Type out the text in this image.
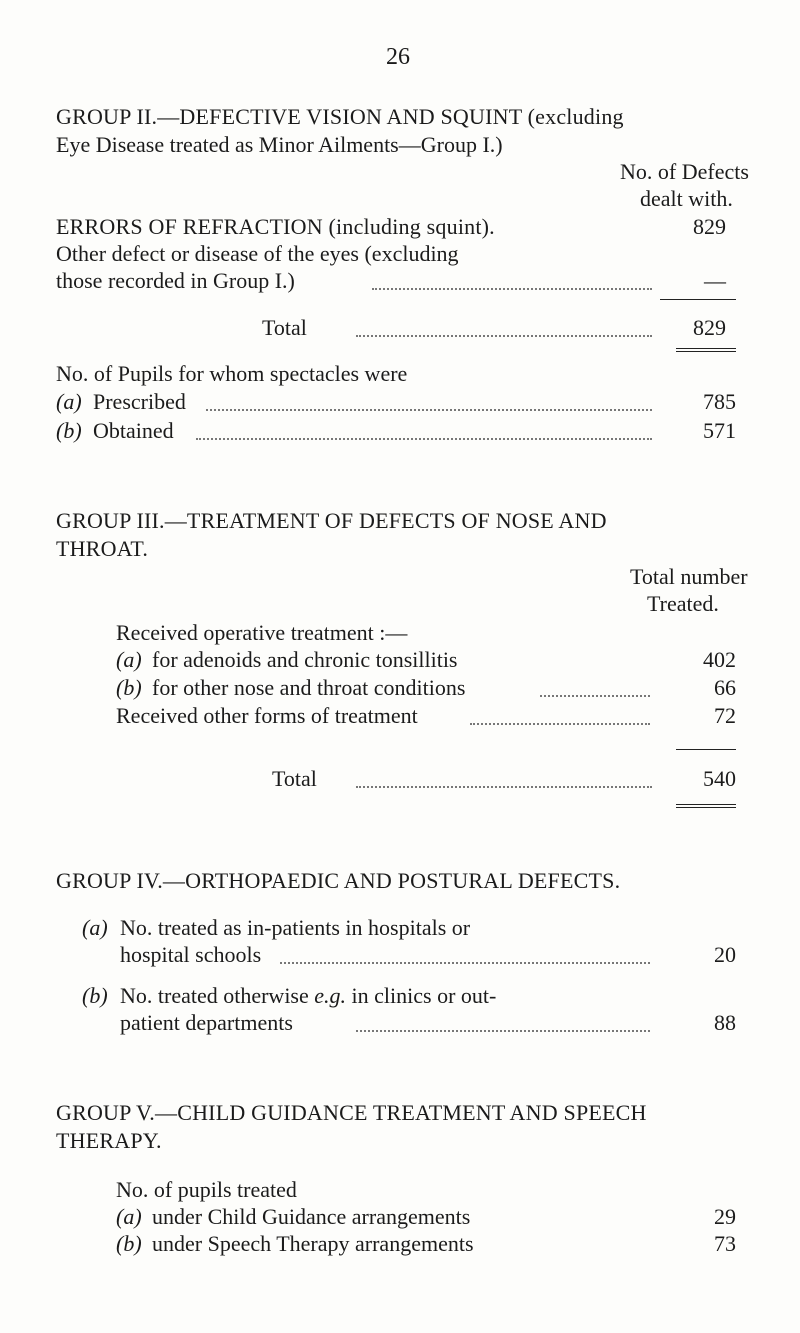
26
GROUP II.—DEFECTIVE VISION AND SQUINT (excluding
Eye Disease treated as Minor Ailments—Group I.)
No. of Defects
dealt with.
ERRORS OF REFRACTION (including squint).	829
Other defect or disease of the eyes (excluding
those recorded in Group I.)	—
Total	829
No. of Pupils for whom spectacles were
(a) Prescribed	785
(b) Obtained	571
GROUP III.—TREATMENT OF DEFECTS OF NOSE AND
THROAT.
Total number
Treated.
Received operative treatment :—
(a) for adenoids and chronic tonsillitis	402
(b) for other nose and throat conditions	66
Received other forms of treatment	72
Total	540
GROUP IV.—ORTHOPAEDIC AND POSTURAL DEFECTS.
(a) No. treated as in-patients in hospitals or
hospital schools	20
(b) No. treated otherwise e.g. in clinics or out-
patient departments	88
GROUP V.—CHILD GUIDANCE TREATMENT AND SPEECH
THERAPY.
No. of pupils treated
(a) under Child Guidance arrangements	29
(b) under Speech Therapy arrangements	73
